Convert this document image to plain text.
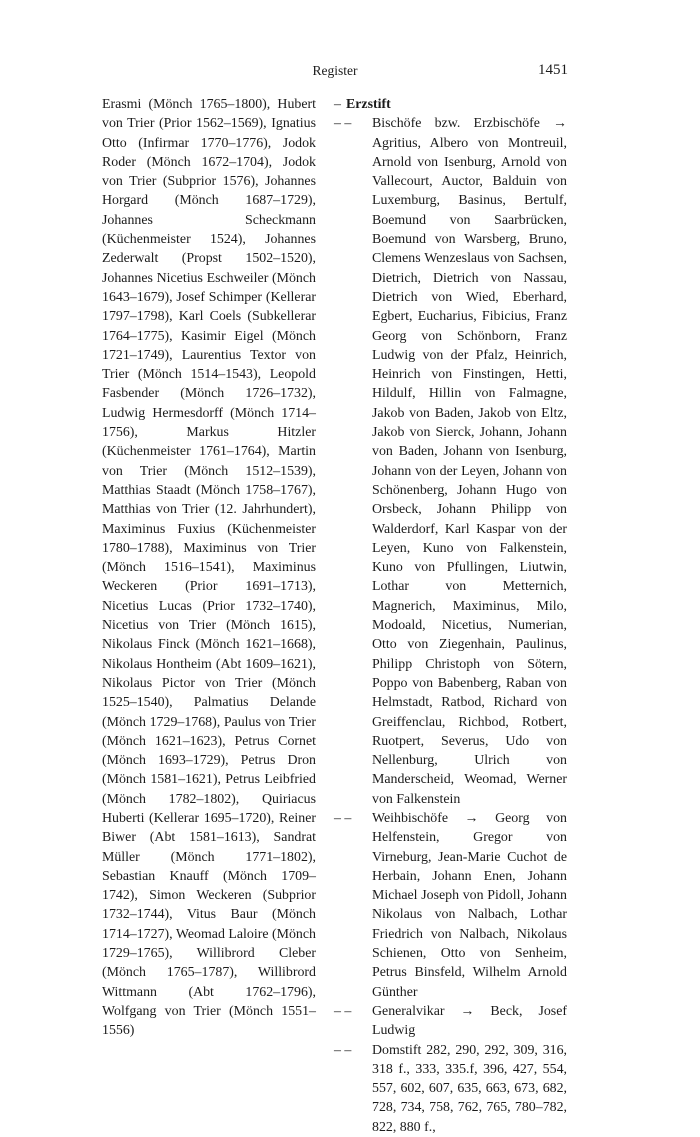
Register	1451
Erasmi (Mönch 1765–1800), Hubert von Trier (Prior 1562–1569), Ignatius Otto (Infirmar 1770–1776), Jodok Roder (Mönch 1672–1704), Jodok von Trier (Subprior 1576), Johannes Horgard (Mönch 1687–1729), Johannes Scheckmann (Küchenmeister 1524), Johannes Zederwalt (Propst 1502–1520), Johannes Nicetius Eschweiler (Mönch 1643–1679), Josef Schimper (Kellerar 1797–1798), Karl Coels (Subkellerar 1764–1775), Kasimir Eigel (Mönch 1721–1749), Laurentius Textor von Trier (Mönch 1514–1543), Leopold Fasbender (Mönch 1726–1732), Ludwig Hermesdorff (Mönch 1714–1756), Markus Hitzler (Küchenmeister 1761–1764), Martin von Trier (Mönch 1512–1539), Matthias Staadt (Mönch 1758–1767), Matthias von Trier (12. Jahrhundert), Maximinus Fuxius (Küchenmeister 1780–1788), Maximinus von Trier (Mönch 1516–1541), Maximinus Weckeren (Prior 1691–1713), Nicetius Lucas (Prior 1732–1740), Nicetius von Trier (Mönch 1615), Nikolaus Finck (Mönch 1621–1668), Nikolaus Hontheim (Abt 1609–1621), Nikolaus Pictor von Trier (Mönch 1525–1540), Palmatius Delande (Mönch 1729–1768), Paulus von Trier (Mönch 1621–1623), Petrus Cornet (Mönch 1693–1729), Petrus Dron (Mönch 1581–1621), Petrus Leibfried (Mönch 1782–1802), Quiriacus Huberti (Kellerar 1695–1720), Reiner Biwer (Abt 1581–1613), Sandrat Müller (Mönch 1771–1802), Sebastian Knauff (Mönch 1709–1742), Simon Weckeren (Subprior 1732–1744), Vitus Baur (Mönch 1714–1727), Weomad Laloire (Mönch 1729–1765), Willibrord Cleber (Mönch 1765–1787), Willibrord Wittmann (Abt 1762–1796), Wolfgang von Trier (Mönch 1551–1556)
– Erzstift
– – Bischöfe bzw. Erzbischöfe → Agritius, Albero von Montreuil, Arnold von Isenburg, Arnold von Vallecourt, Auctor, Balduin von Luxemburg, Basinus, Bertulf, Boemund von Saarbrücken, Boemund von Warsberg, Bruno, Clemens Wenzeslaus von Sachsen, Dietrich, Dietrich von Nassau, Dietrich von Wied, Eberhard, Egbert, Eucharius, Fibicius, Franz Georg von Schönborn, Franz Ludwig von der Pfalz, Heinrich, Heinrich von Finstingen, Hetti, Hildulf, Hillin von Falmagne, Jakob von Baden, Jakob von Eltz, Jakob von Sierck, Johann, Johann von Baden, Johann von Isenburg, Johann von der Leyen, Johann von Schönenberg, Johann Hugo von Orsbeck, Johann Philipp von Walderdorf, Karl Kaspar von der Leyen, Kuno von Falkenstein, Kuno von Pfullingen, Liutwin, Lothar von Metternich, Magnerich, Maximinus, Milo, Modoald, Nicetius, Numerian, Otto von Ziegenhain, Paulinus, Philipp Christoph von Sötern, Poppo von Babenberg, Raban von Helmstadt, Ratbod, Richard von Greiffenclau, Richbod, Rotbert, Ruotpert, Severus, Udo von Nellenburg, Ulrich von Manderscheid, Weomad, Werner von Falkenstein
– – Weihbischöfe → Georg von Helfenstein, Gregor von Virneburg, Jean-Marie Cuchot de Herbain, Johann Enen, Johann Michael Joseph von Pidoll, Johann Nikolaus von Nalbach, Lothar Friedrich von Nalbach, Nikolaus Schienen, Otto von Senheim, Petrus Binsfeld, Wilhelm Arnold Günther
– – Generalvikar → Beck, Josef Ludwig
– – Domstift 282, 290, 292, 309, 316, 318 f., 333, 335.f, 396, 427, 554, 557, 602, 607, 635, 663, 673, 682, 728, 734, 758, 762, 765, 780–782, 822, 880 f.,
